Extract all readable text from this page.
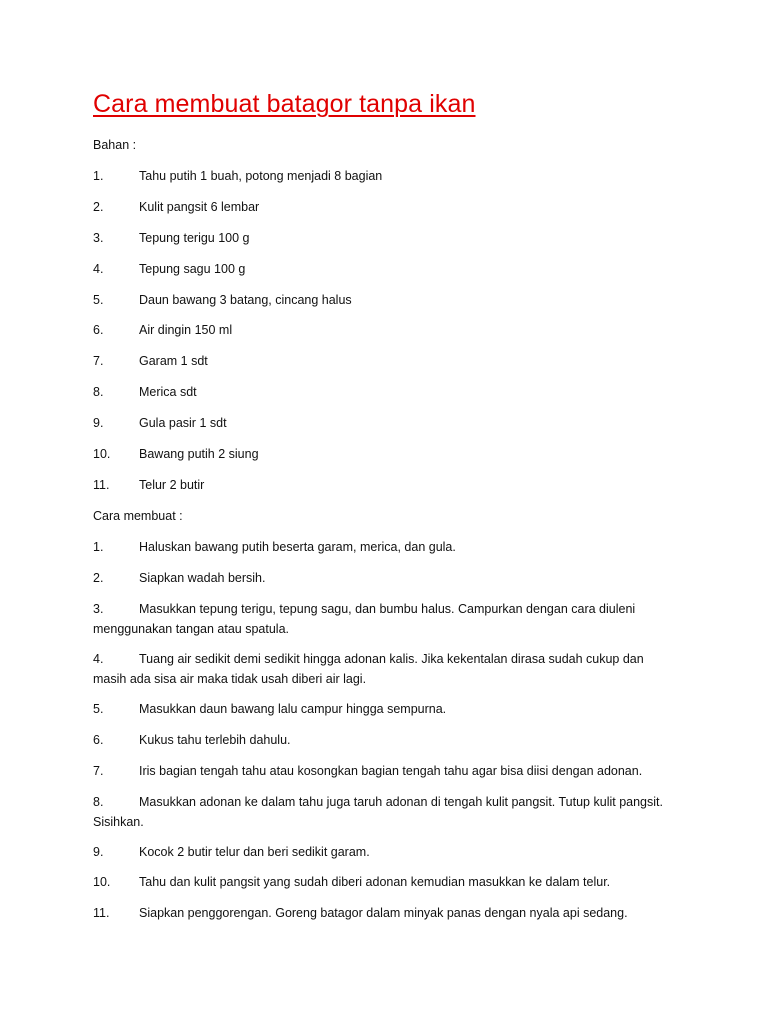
Cara membuat batagor tanpa ikan

Bahan :

1.	Tahu putih 1 buah, potong menjadi 8 bagian
2.	Kulit pangsit 6 lembar
3.	Tepung terigu 100 g
4.	Tepung sagu 100 g
5.	Daun bawang 3 batang, cincang halus
6.	Air dingin 150 ml
7.	Garam 1 sdt
8.	Merica sdt
9.	Gula pasir 1 sdt
10.	Bawang putih 2 siung
11.	Telur 2 butir

Cara membuat :

1.	Haluskan bawang putih beserta garam, merica, dan gula.
2.	Siapkan wadah bersih.
3.	Masukkan tepung terigu, tepung sagu, dan bumbu halus. Campurkan dengan cara diuleni menggunakan tangan atau spatula.
4.	Tuang air sedikit demi sedikit hingga adonan kalis. Jika kekentalan dirasa sudah cukup dan masih ada sisa air maka tidak usah diberi air lagi.
5.	Masukkan daun bawang lalu campur hingga sempurna.
6.	Kukus tahu terlebih dahulu.
7.	Iris bagian tengah tahu atau kosongkan bagian tengah tahu agar bisa diisi dengan adonan.
8.	Masukkan adonan ke dalam tahu juga taruh adonan di tengah kulit pangsit. Tutup kulit pangsit. Sisihkan.
9.	Kocok 2 butir telur dan beri sedikit garam.
10.	Tahu dan kulit pangsit yang sudah diberi adonan kemudian masukkan ke dalam telur.
11.	Siapkan penggorengan. Goreng batagor dalam minyak panas dengan nyala api sedang.
